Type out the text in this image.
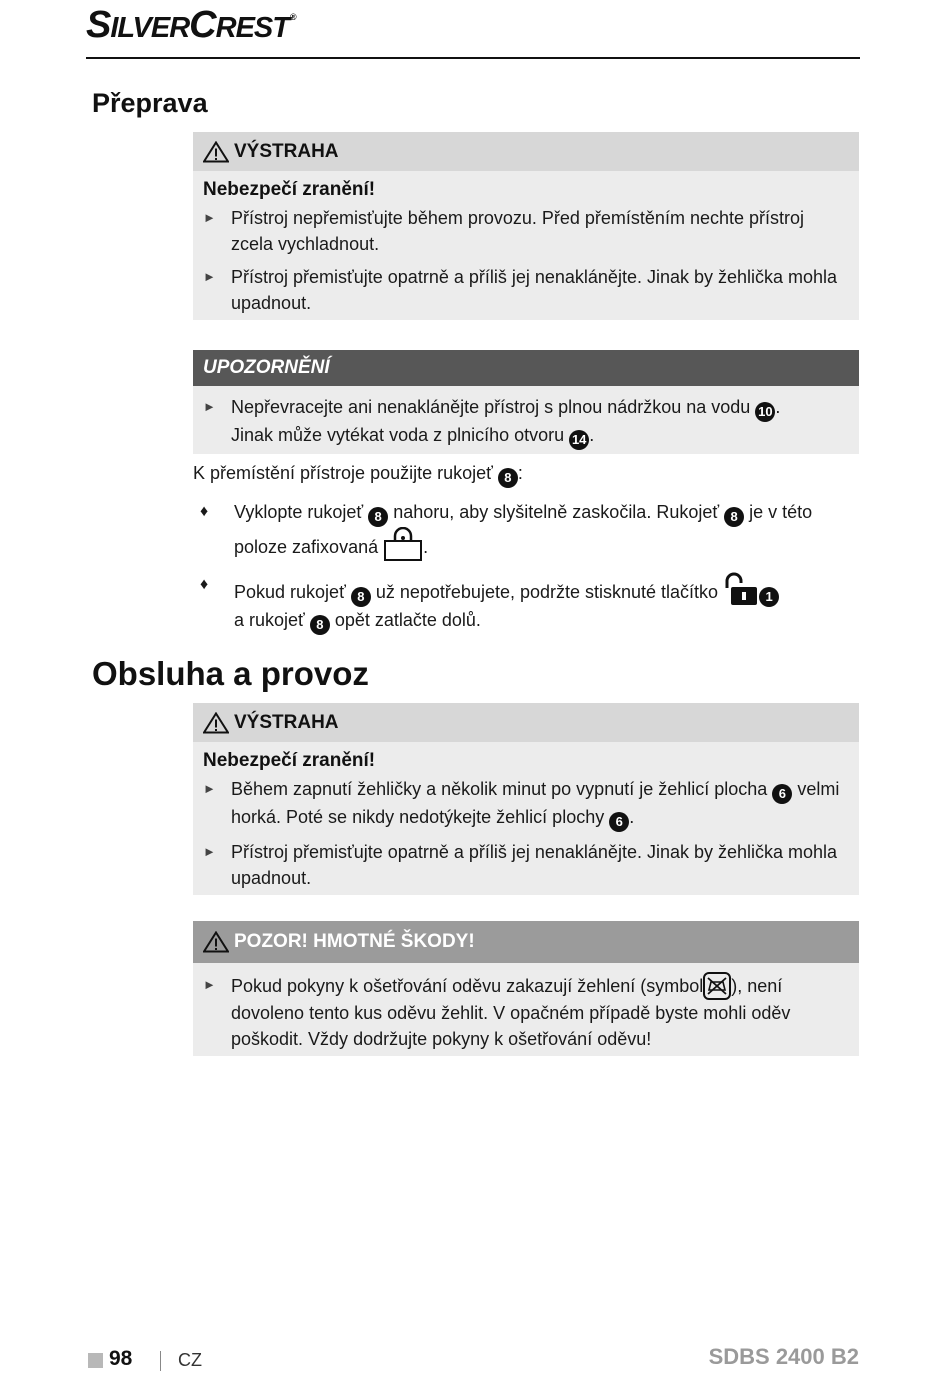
SILVERCREST®
Přeprava
VÝSTRAHA
Nebezpečí zranění!
► Přístroj nepřemisťujte během provozu. Před přemístěním nechte přístroj zcela vychladnout.
► Přístroj přemisťujte opatrně a příliš jej nenaklánějte. Jinak by žehlička mohla upadnout.
UPOZORNĚNÍ
► Nepřevracejte ani nenaklánějte přístroj s plnou nádržkou na vodu 10 .
Jinak může vytékat voda z plnicího otvoru 14 .
K přemístění přístroje použijte rukojeť 8 :
♦ Vyklopte rukojeť 8 nahoru, aby slyšitelně zaskočila. Rukojeť 8 je v této
poloze zafixovaná	.
♦ Pokud rukojeť 8 už nepotřebujete, podržte stisknuté tlačítko	1
a rukojeť 8 opět zatlačte dolů.
Obsluha a provoz
VÝSTRAHA
Nebezpečí zranění!
► Během zapnutí žehličky a několik minut po vypnutí je žehlicí plocha 6 velmi horká. Poté se nikdy nedotýkejte žehlicí plochy 6 .
► Přístroj přemisťujte opatrně a příliš jej nenaklánějte. Jinak by žehlička mohla upadnout.
POZOR! HMOTNÉ ŠKODY!
► Pokud pokyny k ošetřování oděvu zakazují žehlení (symbol ), není dovoleno tento kus oděvu žehlit. V opačném případě byste mohli oděv poškodit. Vždy dodržujte pokyny k ošetřování oděvu!
98	CZ	SDBS 2400 B2
